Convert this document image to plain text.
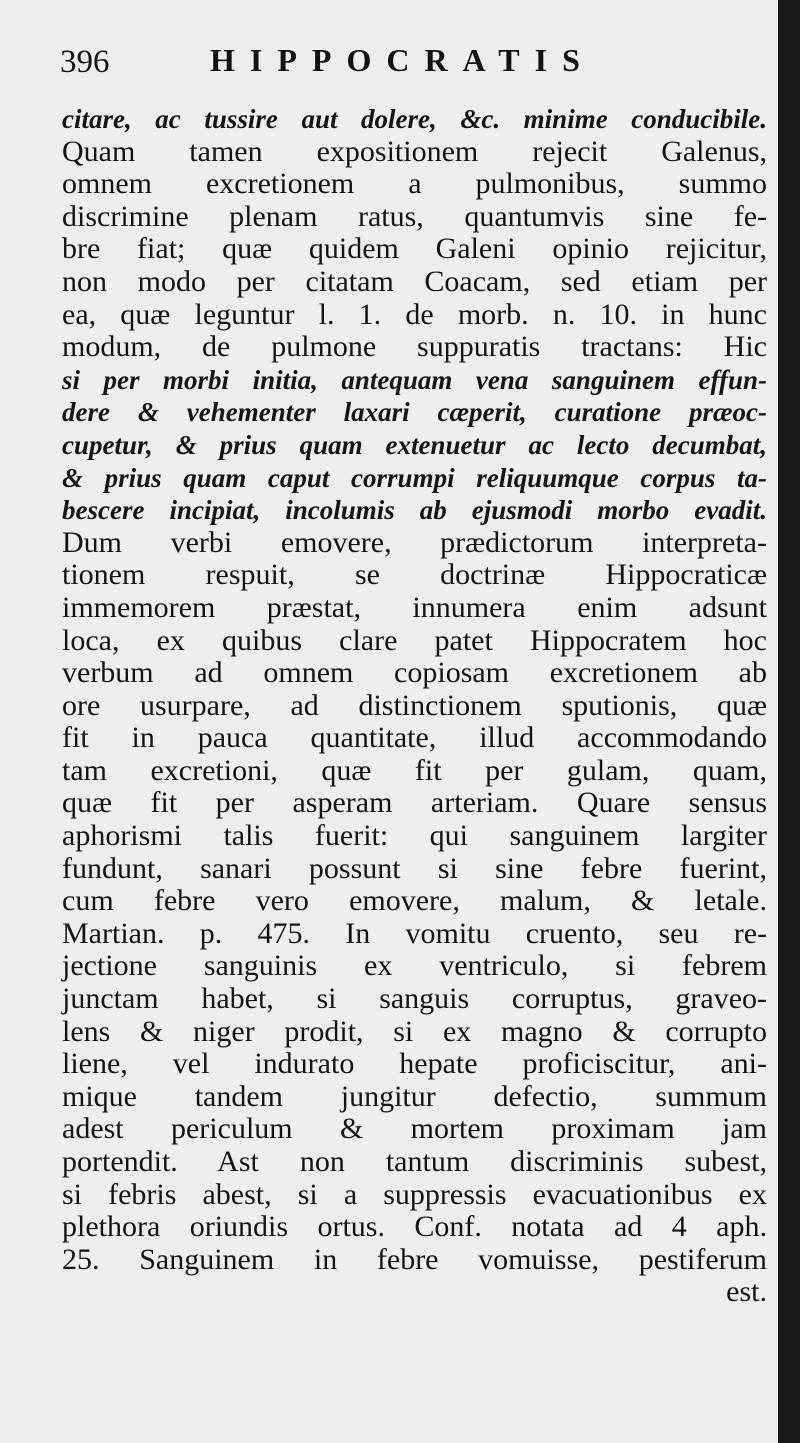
396	HIPPOCRATIS
citare, ac tussire aut dolere, &c. minime conducibile.
Quam tamen expositionem rejecit Galenus,
omnem excretionem a pulmonibus, summo
discrimine plenam ratus, quantumvis sine fe-
bre fiat; quæ quidem Galeni opinio rejicitur,
non modo per citatam Coacam, sed etiam per
ea, quæ leguntur l. 1. de morb. n. 10. in hunc
modum, de pulmone suppuratis tractans: Hic
si per morbi initia, antequam vena sanguinem effun-
dere & vehementer laxari cæperit, curatione præoc-
cupetur, & prius quam extenuetur ac lecto decumbat,
& prius quam caput corrumpi reliquumque corpus ta-
bescere incipiat, incolumis ab ejusmodi morbo evadit.
Dum verbi emovere, prædictorum interpreta-
tionem respuit, se doctrinæ Hippocraticæ
immemorem præstat, innumera enim adsunt
loca, ex quibus clare patet Hippocratem hoc
verbum ad omnem copiosam excretionem ab
ore usurpare, ad distinctionem sputionis, quæ
fit in pauca quantitate, illud accommodando
tam excretioni, quæ fit per gulam, quam,
quæ fit per asperam arteriam. Quare sensus
aphorismi talis fuerit: qui sanguinem largiter
fundunt, sanari possunt si sine febre fuerint,
cum febre vero emovere, malum, & letale.
Martian. p. 475. In vomitu cruento, seu re-
jectione sanguinis ex ventriculo, si febrem
junctam habet, si sanguis corruptus, graveo-
lens & niger prodit, si ex magno & corrupto
liene, vel indurato hepate proficiscitur, ani-
mique tandem jungitur defectio, summum
adest periculum & mortem proximam jam
portendit. Ast non tantum discriminis subest,
si febris abest, si a suppressis evacuationibus ex
plethora oriundis ortus. Conf. notata ad 4 aph.
25. Sanguinem in febre vomuisse, pestiferum
est.
